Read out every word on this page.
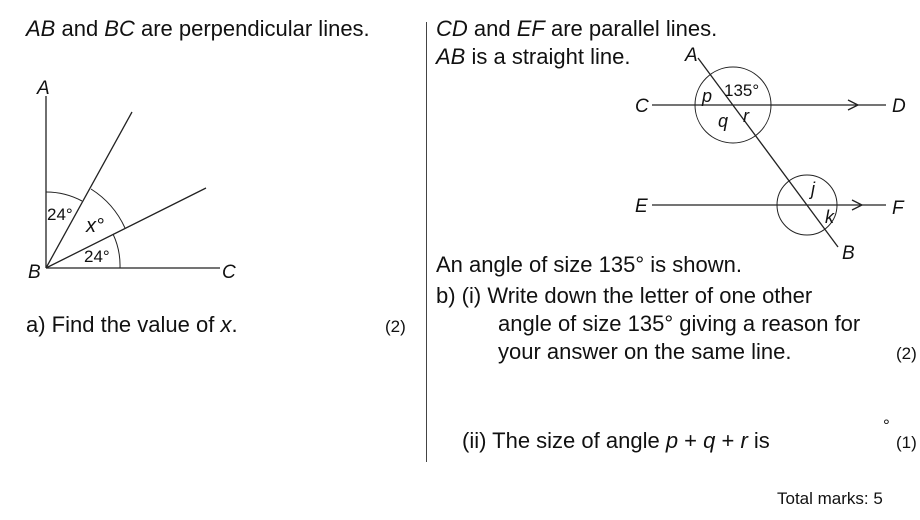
AB and BC are perpendicular lines.
A
B	C
24°
x°
24°
a) Find the value of x.	(2)
CD and EF are parallel lines.
AB is a straight line.	A
B
C	D
E	F
135°
p
q r
j
k
An angle of size 135° is shown.
b) (i) Write down the letter of one other
angle of size 135° giving a reason for
your answer on the same line.	(2)
(ii) The size of angle p + q + r is
°
(1)
Total marks: 5
